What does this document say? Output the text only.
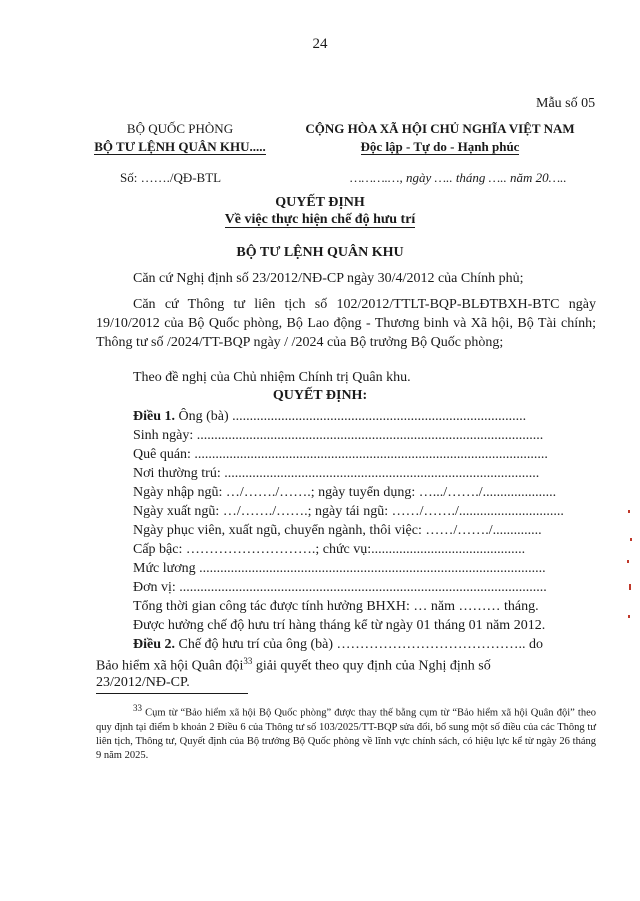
24
Mẫu số 05
BỘ QUỐC PHÒNG
BỘ TƯ LỆNH QUÂN KHU.....
CỘNG HÒA XÃ HỘI CHỦ NGHĨA VIỆT NAM
Độc lập - Tự do - Hạnh phúc
Số: ……./QĐ-BTL	……….…, ngày ….. tháng ….. năm 20…..
QUYẾT ĐỊNH
Về việc thực hiện chế độ hưu trí
BỘ TƯ LỆNH QUÂN KHU
Căn cứ Nghị định số 23/2012/NĐ-CP ngày 30/4/2012 của Chính phủ;
Căn cứ Thông tư liên tịch số 102/2012/TTLT-BQP-BLĐTBXH-BTC ngày 19/10/2012 của Bộ Quốc phòng, Bộ Lao động - Thương binh và Xã hội, Bộ Tài chính; Thông tư số /2024/TT-BQP ngày / /2024 của Bộ trưởng Bộ Quốc phòng;
Theo đề nghị của Chủ nhiệm Chính trị Quân khu.
QUYẾT ĐỊNH:
Điều 1. Ông (bà) ....................................................................................
Sinh ngày: ...................................................................................................
Quê quán: .....................................................................................................
Nơi thường trú: ..........................................................................................
Ngày nhập ngũ: …/……./…….; ngày tuyển dụng: ….../……./.....................
Ngày xuất ngũ: …/……./…….; ngày tái ngũ: ……/……./..............................
Ngày phục viên, xuất ngũ, chuyển ngành, thôi việc: ……/……./..............
Cấp bậc: ……………………….; chức vụ:............................................
Mức lương ...................................................................................................
Đơn vị: .........................................................................................................
Tổng thời gian công tác được tính hưởng BHXH: … năm ……… tháng.
Được hưởng chế độ hưu trí hàng tháng kể từ ngày 01 tháng 01 năm 2012.
Điều 2. Chế độ hưu trí của ông (bà) ………………………………….. do
Bảo hiểm xã hội Quân đội$^{33}$ giải quyết theo quy định của Nghị định số
23/2012/NĐ-CP.
$^{33}$ Cụm từ “Bảo hiểm xã hội Bộ Quốc phòng” được thay thế bằng cụm từ “Bảo hiểm xã hội Quân đội” theo quy định tại điểm b khoản 2 Điều 6 của Thông tư số 103/2025/TT-BQP sửa đổi, bổ sung một số điều của các Thông tư liên tịch, Thông tư, Quyết định của Bộ trưởng Bộ Quốc phòng về lĩnh vực chính sách, có hiệu lực kể từ ngày 26 tháng 9 năm 2025.
